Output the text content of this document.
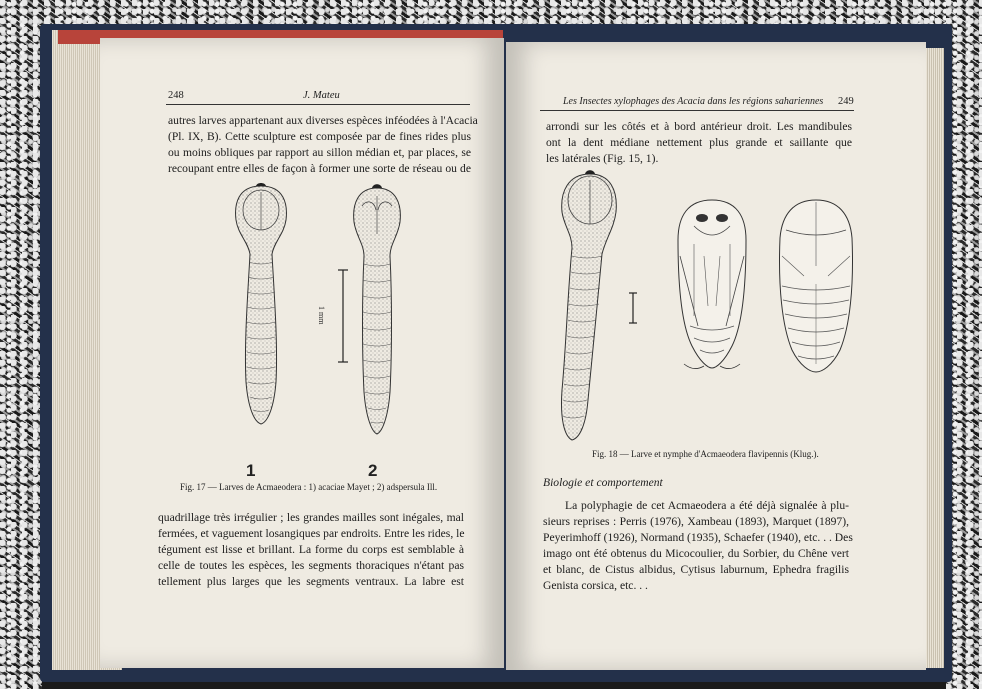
248	J. Mateu
autres larves appartenant aux diverses espèces inféodées à l'Acacia
(Pl. IX, B). Cette sculpture est composée par de fines rides plus
ou moins obliques par rapport au sillon médian et, par places, se
recoupant entre elles de façon à former une sorte de réseau ou de
1 mm
1	2
Fig. 17 — Larves de Acmaeodera : 1) acaciae Mayet ; 2) adspersula Ill.
quadrillage très irrégulier ; les grandes mailles sont inégales, mal
fermées, et vaguement losangiques par endroits. Entre les rides, le
tégument est lisse et brillant. La forme du corps est semblable à
celle de toutes les espèces, les segments thoraciques n'étant pas
tellement plus larges que les segments ventraux. La labre est
Les Insectes xylophages des Acacia dans les régions sahariennes 249
arrondi sur les côtés et à bord antérieur droit. Les mandibules
ont la dent médiane nettement plus grande et saillante que
les latérales (Fig. 15, 1).
Fig. 18 — Larve et nymphe d'Acmaeodera flavipennis (Klug.).
Biologie et comportement
La polyphagie de cet Acmaeodera a été déjà signalée à plu-
sieurs reprises : Perris (1976), Xambeau (1893), Marquet (1897),
Peyerimhoff (1926), Normand (1935), Schaefer (1940), etc. . . Des
imago ont été obtenus du Micocoulier, du Sorbier, du Chêne vert
et blanc, de Cistus albidus, Cytisus laburnum, Ephedra fragilis
Genista corsica, etc. . .
